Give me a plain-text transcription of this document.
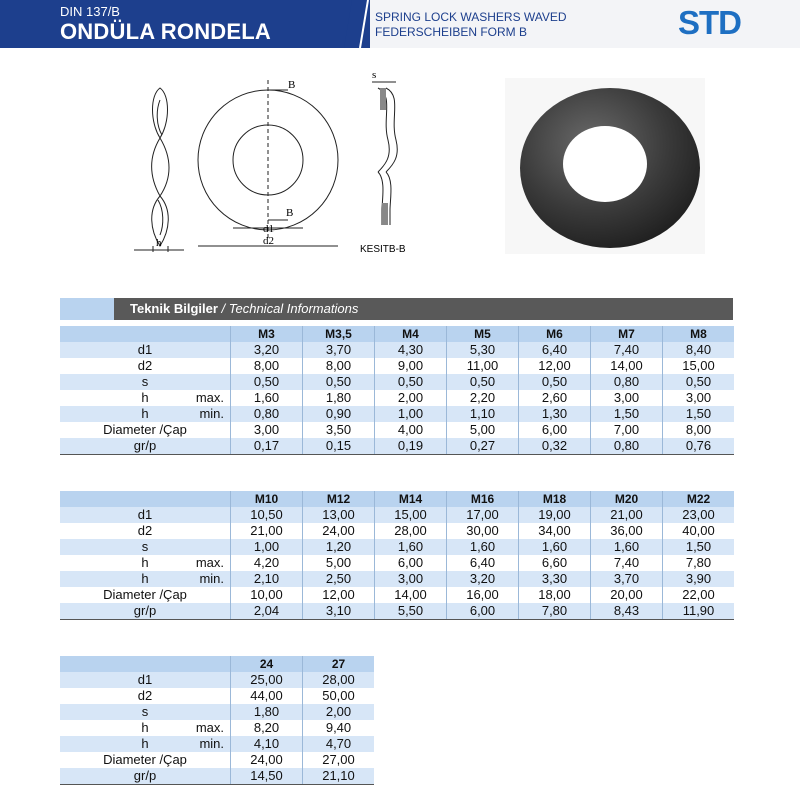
DIN 137/B
ONDÜLA RONDELA
SPRING LOCK WASHERS WAVED
FEDERSCHEIBEN FORM B	STD
h
B
B
d1
d2
s
KESITB-B
Teknik Bilgiler / Technical Informations
	M3	M3,5	M4	M5	M6	M7	M8
d1	3,20	3,70	4,30	5,30	6,40	7,40	8,40
d2	8,00	8,00	9,00	11,00	12,00	14,00	15,00
s	0,50	0,50	0,50	0,50	0,50	0,80	0,50
h max.	1,60	1,80	2,00	2,20	2,60	3,00	3,00
h min.	0,80	0,90	1,00	1,10	1,30	1,50	1,50
Diameter /Çap	3,00	3,50	4,00	5,00	6,00	7,00	8,00
gr/p	0,17	0,15	0,19	0,27	0,32	0,80	0,76
	M10	M12	M14	M16	M18	M20	M22
d1	10,50	13,00	15,00	17,00	19,00	21,00	23,00
d2	21,00	24,00	28,00	30,00	34,00	36,00	40,00
s	1,00	1,20	1,60	1,60	1,60	1,60	1,50
h max.	4,20	5,00	6,00	6,40	6,60	7,40	7,80
h min.	2,10	2,50	3,00	3,20	3,30	3,70	3,90
Diameter /Çap	10,00	12,00	14,00	16,00	18,00	20,00	22,00
gr/p	2,04	3,10	5,50	6,00	7,80	8,43	11,90
	24	27
d1	25,00	28,00
d2	44,00	50,00
s	1,80	2,00
h max.	8,20	9,40
h min.	4,10	4,70
Diameter /Çap	24,00	27,00
gr/p	14,50	21,10
